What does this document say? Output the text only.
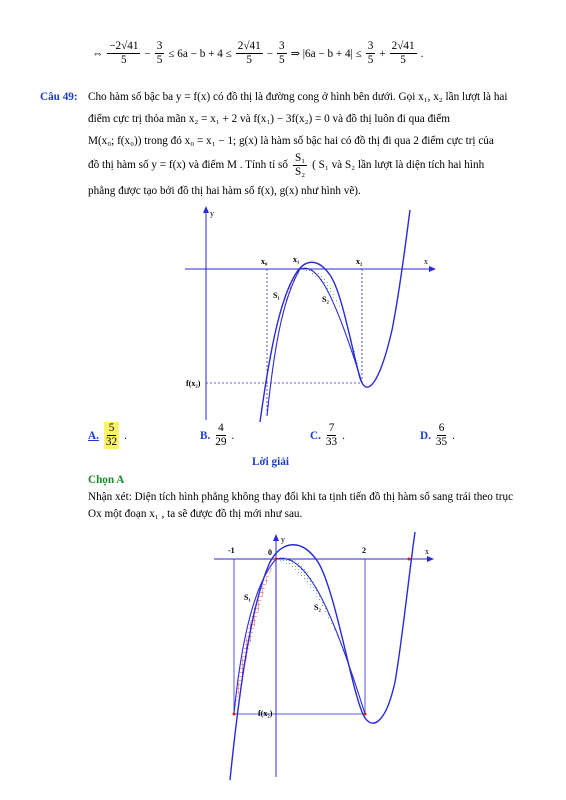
⇔ $\frac{-2√41}{5} - \frac{3}{5} \le 6a - b + 4 \le \frac{2√41}{5} - \frac{3}{5}$ ⇒ $|6a - b + 4| \le \frac{3}{5} + \frac{2√41}{5}$ .
Câu 49: Cho hàm số bậc ba y = f(x) có đồ thị là đường cong ở hình bên dưới. Gọi x₁, x₂ lần lượt là hai
điểm cực trị thỏa mãn x₂ = x₁ + 2 và f(x₁) − 3f(x₂) = 0 và đồ thị luôn đi qua điểm
M(x₀; f(x₀)) trong đó x₀ = x₁ − 1; g(x) là hàm số bậc hai có đồ thị đi qua 2 điểm cực trị của
đồ thị hàm số y = f(x) và điểm M . Tính tỉ số $\frac{\text{S₁}}{\text{S₂}}$ ( S₁ và S₂ lần lượt là diện tích hai hình
phẳng được tạo bởi đồ thị hai hàm số f(x), g(x) như hình vẽ).
y
x
x₀	x₁	x₂
S₁	S₂
f(x₂)
A. $\frac{5}{32}$ .	B. $\frac{4}{29}$ .	C. $\frac{7}{33}$ .	D. $\frac{6}{35}$ .
Lời giải
Chọn A
Nhận xét: Diện tích hình phẳng không thay đổi khi ta tịnh tiến đồ thị hàm số sang trái theo trục
Ox một đoạn x₁ , ta sẽ được đồ thị mới như sau.
y
x
-1	0	2
S₁
S₂
f(x₂)
